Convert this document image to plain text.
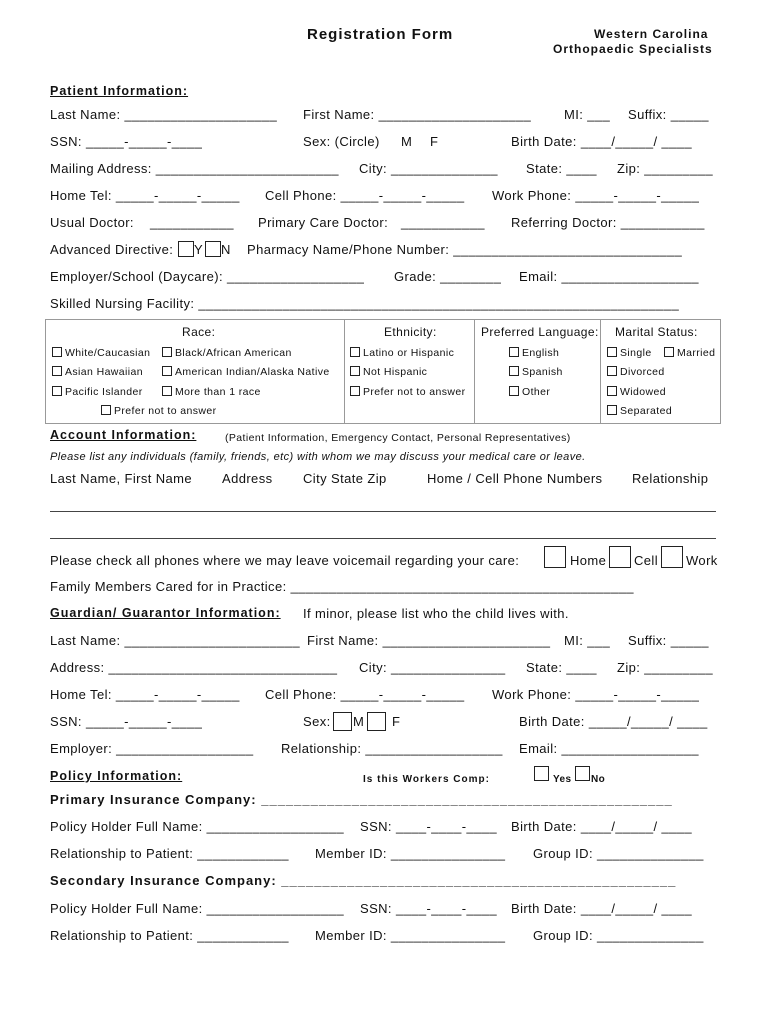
Registration Form	Western Carolina
Orthopaedic Specialists
Patient Information:
Last Name: ____________________ First Name: ____________________	MI: ___ Suffix: _____
SSN: _____-_____-____	Sex: (Circle) M F	Birth Date: ____/_____/ ____
Mailing Address: ________________________ City: ______________ State: ____ Zip: _________
Home Tel: _____-_____-_____ Cell Phone: _____-_____-_____ Work Phone: _____-_____-_____
Usual Doctor: ___________ Primary Care Doctor: ___________ Referring Doctor: ___________
Advanced Directive: Y N Pharmacy Name/Phone Number: ______________________________
Employer/School (Daycare): __________________ Grade: ________ Email: __________________
Skilled Nursing Facility: _______________________________________________________________
Race:	Ethnicity:	Preferred Language: Marital Status:
White/Caucasian Black/African American
Asian Hawaiian	American Indian/Alaska Native
Pacific Islander	More than 1 race
Prefer not to answer
Latino or Hispanic
Not Hispanic
Prefer not to answer
English
Spanish
Other
Single Married
Divorced
Widowed
Separated
Account Information:	(Patient Information, Emergency Contact, Personal Representatives)
Please list any individuals (family, friends, etc) with whom we may discuss your medical care or leave.
Last Name, First Name Address City State Zip	Home / Cell Phone Numbers Relationship
Please check all phones where we may leave voicemail regarding your care:	Home Cell Work
Family Members Cared for in Practice: _____________________________________________
Guardian/ Guarantor Information: If minor, please list who the child lives with.
Last Name: _______________________ First Name: ______________________ MI: ___ Suffix: _____
Address: ______________________________ City: _______________ State: ____ Zip: _________
Home Tel: _____-_____-_____ Cell Phone: _____-_____-_____ Work Phone: _____-_____-_____
SSN: _____-_____-____	Sex: M F	Birth Date: _____/_____/ ____
Employer: __________________ Relationship: __________________ Email: __________________
Policy Information:	Is this Workers Comp:	Yes No
Primary Insurance Company: __________________________________________________
Policy Holder Full Name: __________________ SSN: ____-____-____ Birth Date: ____/_____/ ____
Relationship to Patient: ____________ Member ID: _______________ Group ID: ______________
Secondary Insurance Company: ________________________________________________
Policy Holder Full Name: __________________ SSN: ____-____-____ Birth Date: ____/_____/ ____
Relationship to Patient: ____________ Member ID: _______________ Group ID: ______________
